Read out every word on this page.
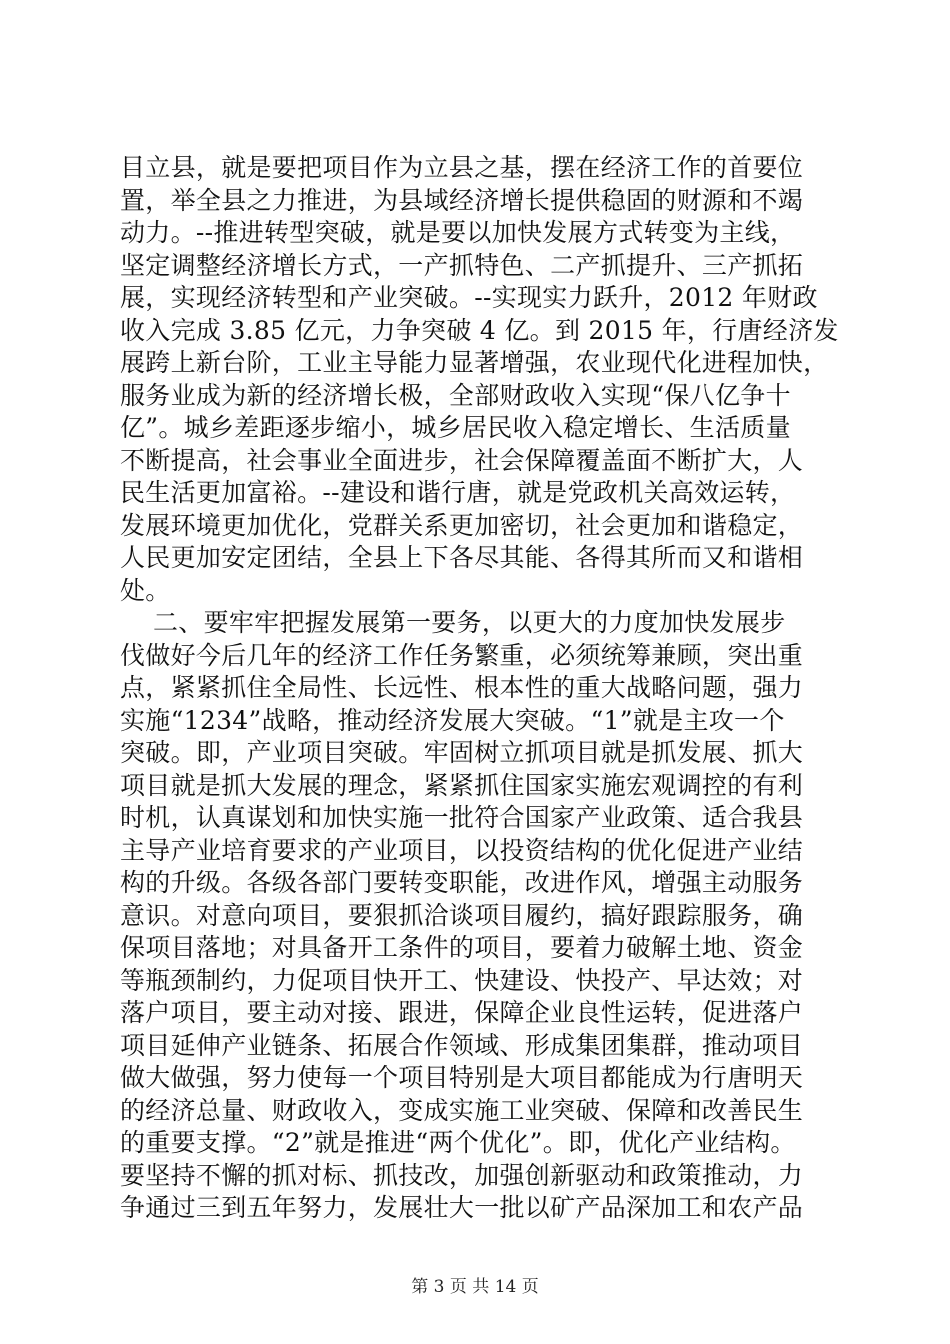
目立县，就是要把项目作为立县之基，摆在经济工作的首要位
置，举全县之力推进，为县域经济增长提供稳固的财源和不竭
动力。--推进转型突破，就是要以加快发展方式转变为主线，
坚定调整经济增长方式，一产抓特色、二产抓提升、三产抓拓
展，实现经济转型和产业突破。--实现实力跃升，2012 年财政
收入完成 3.85 亿元，力争突破 4 亿。到 2015 年，行唐经济发
展跨上新台阶，工业主导能力显著增强，农业现代化进程加快，
服务业成为新的经济增长极，全部财政收入实现“保八亿争十
亿”。城乡差距逐步缩小，城乡居民收入稳定增长、生活质量
不断提高，社会事业全面进步，社会保障覆盖面不断扩大，人
民生活更加富裕。--建设和谐行唐，就是党政机关高效运转，
发展环境更加优化，党群关系更加密切，社会更加和谐稳定，
人民更加安定团结，全县上下各尽其能、各得其所而又和谐相
处。
二、要牢牢把握发展第一要务，以更大的力度加快发展步
伐做好今后几年的经济工作任务繁重，必须统筹兼顾，突出重
点，紧紧抓住全局性、长远性、根本性的重大战略问题，强力
实施“1234”战略，推动经济发展大突破。“1”就是主攻一个
突破。即，产业项目突破。牢固树立抓项目就是抓发展、抓大
项目就是抓大发展的理念，紧紧抓住国家实施宏观调控的有利
时机，认真谋划和加快实施一批符合国家产业政策、适合我县
主导产业培育要求的产业项目，以投资结构的优化促进产业结
构的升级。各级各部门要转变职能，改进作风，增强主动服务
意识。对意向项目，要狠抓洽谈项目履约，搞好跟踪服务，确
保项目落地；对具备开工条件的项目，要着力破解土地、资金
等瓶颈制约，力促项目快开工、快建设、快投产、早达效；对
落户项目，要主动对接、跟进，保障企业良性运转，促进落户
项目延伸产业链条、拓展合作领域、形成集团集群，推动项目
做大做强，努力使每一个项目特别是大项目都能成为行唐明天
的经济总量、财政收入，变成实施工业突破、保障和改善民生
的重要支撑。“2”就是推进“两个优化”。即，优化产业结构。
要坚持不懈的抓对标、抓技改，加强创新驱动和政策推动，力
争通过三到五年努力，发展壮大一批以矿产品深加工和农产品
第 3 页 共 14 页
